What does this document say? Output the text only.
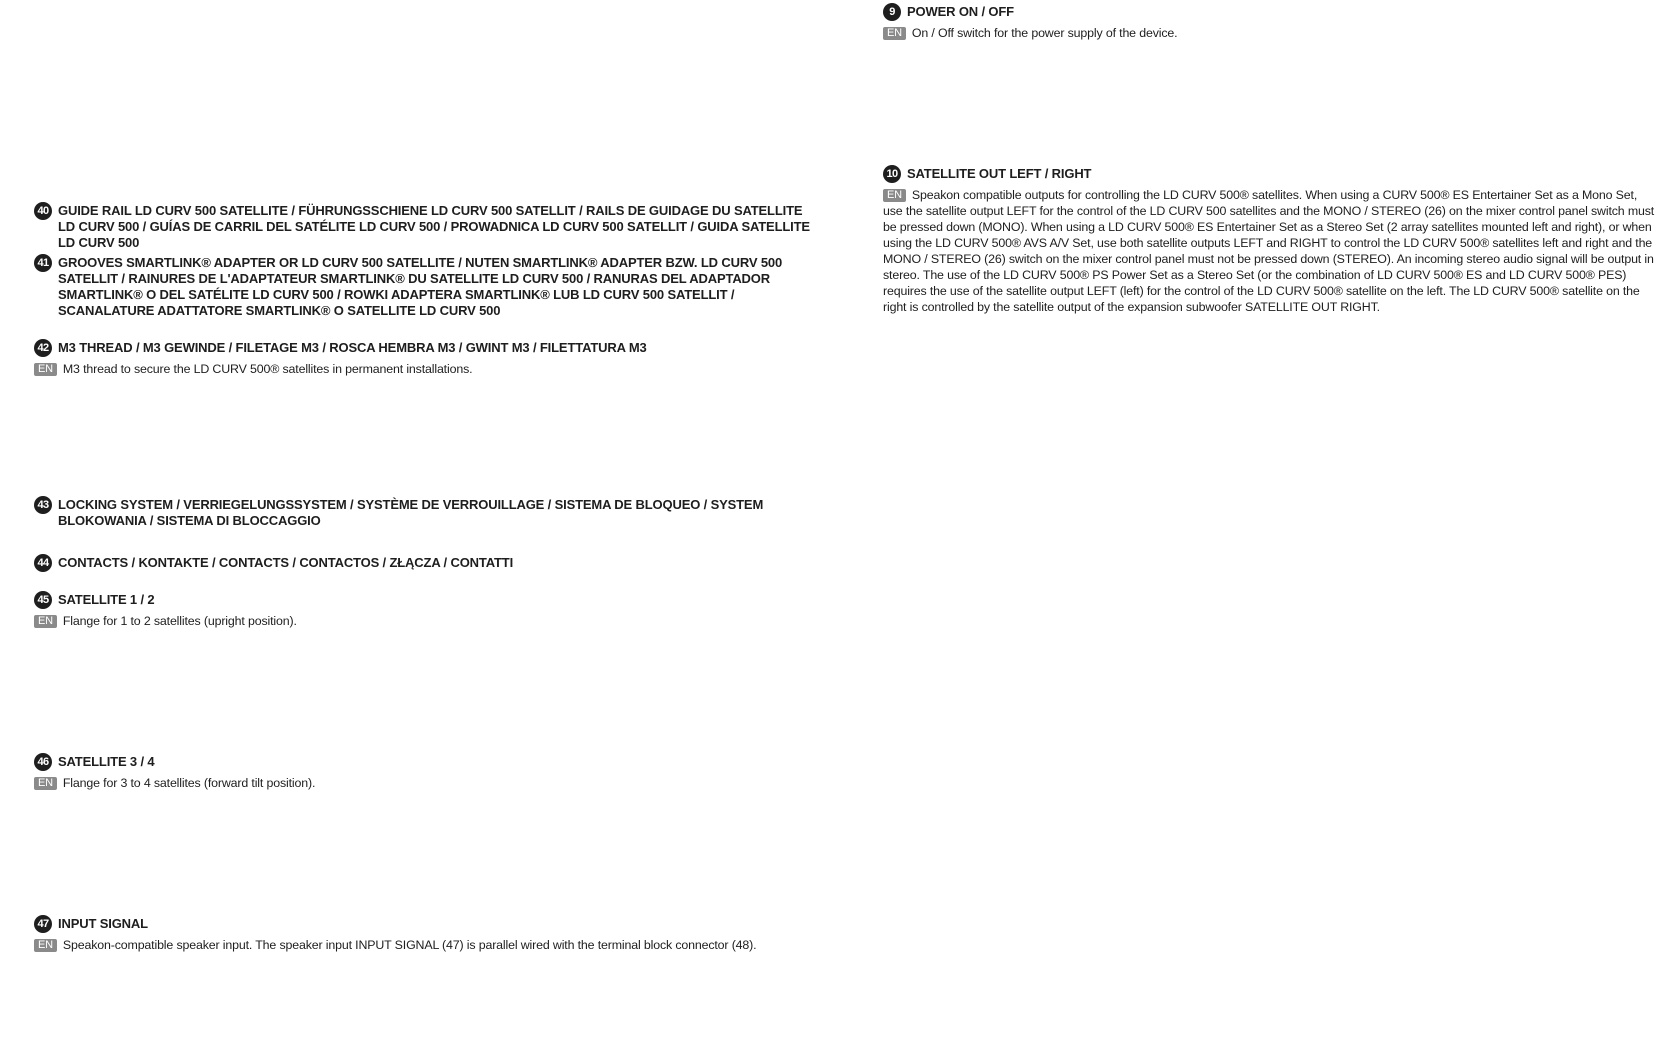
40 GUIDE RAIL LD CURV 500 SATELLITE / FÜHRUNGSSCHIENE LD CURV 500 SATELLIT / RAILS DE GUIDAGE DU SATELLITE LD CURV 500 / GUÍAS DE CARRIL DEL SATÉLITE LD CURV 500 / PROWADNICA LD CURV 500 SATELLIT / GUIDA SATELLITE LD CURV 500
41 GROOVES SMARTLINK® ADAPTER OR LD CURV 500 SATELLITE / NUTEN SMARTLINK® ADAPTER BZW. LD CURV 500 SATELLIT / RAINURES DE L'ADAPTATEUR SMARTLINK® DU SATELLITE LD CURV 500 / RANURAS DEL ADAPTADOR SMARTLINK® O DEL SATÉLITE LD CURV 500 / ROWKI ADAPTERA SMARTLINK® LUB LD CURV 500 SATELLIT / SCANALATURE ADATTATORE SMARTLINK® O SATELLITE LD CURV 500
42 M3 THREAD / M3 GEWINDE / FILETAGE M3 / ROSCA HEMBRA M3 / GWINT M3 / FILETTATURA M3
EN M3 thread to secure the LD CURV 500® satellites in permanent installations.
43 LOCKING SYSTEM / VERRIEGELUNGSSYSTEM / SYSTÈME DE VERROUILLAGE / SISTEMA DE BLOQUEO / SYSTEM BLOKOWANIA / SISTEMA DI BLOCCAGGIO
44 CONTACTS / KONTAKTE / CONTACTS / CONTACTOS / ZŁĄCZA / CONTATTI
45 SATELLITE 1 / 2
EN Flange for 1 to 2 satellites (upright position).
46 SATELLITE 3 / 4
EN Flange for 3 to 4 satellites (forward tilt position).
47 INPUT SIGNAL
EN Speakon-compatible speaker input. The speaker input INPUT SIGNAL (47) is parallel wired with the terminal block connector (48).
9 POWER ON / OFF
EN On / Off switch for the power supply of the device.
10 SATELLITE OUT LEFT / RIGHT
EN Speakon compatible outputs for controlling the LD CURV 500® satellites. When using a CURV 500® ES Entertainer Set as a Mono Set, use the satellite output LEFT for the control of the LD CURV 500 satellites and the MONO / STEREO (26) on the mixer control panel switch must be pressed down (MONO). When using a LD CURV 500® ES Entertainer Set as a Stereo Set (2 array satellites mounted left and right), or when using the LD CURV 500® AVS A/V Set, use both satellite outputs LEFT and RIGHT to control the LD CURV 500® satellites left and right and the MONO / STEREO (26) switch on the mixer control panel must not be pressed down (STEREO). An incoming stereo audio signal will be output in stereo. The use of the LD CURV 500® PS Power Set as a Stereo Set (or the combination of LD CURV 500® ES and LD CURV 500® PES) requires the use of the satellite output LEFT (left) for the control of the LD CURV 500® satellite on the left. The LD CURV 500® satellite on the right is controlled by the satellite output of the expansion subwoofer SATELLITE OUT RIGHT.
